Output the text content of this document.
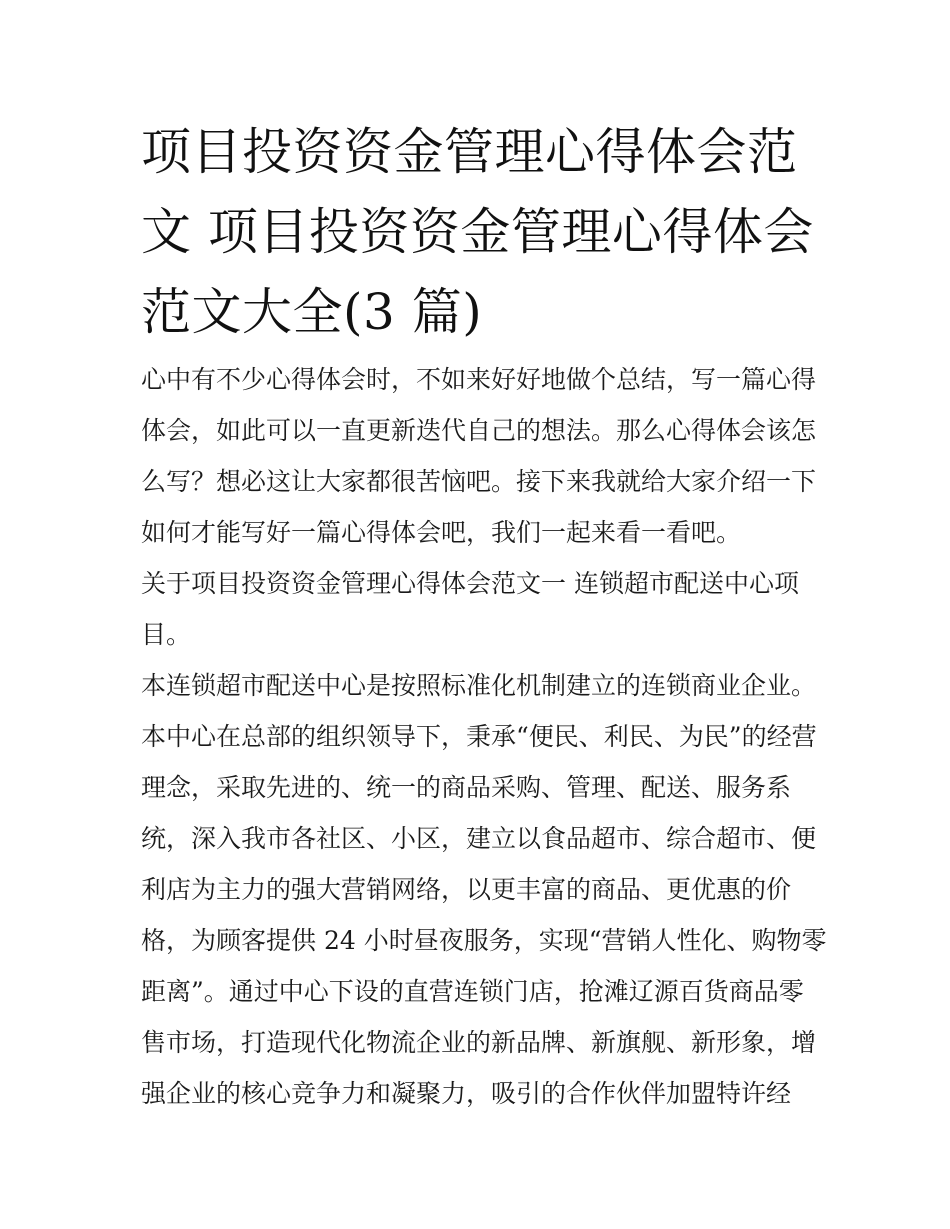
项目投资资金管理心得体会范
文 项目投资资金管理心得体会
范文大全(3 篇)
心中有不少心得体会时，不如来好好地做个总结，写一篇心得
体会，如此可以一直更新迭代自己的想法。那么心得体会该怎
么写？想必这让大家都很苦恼吧。接下来我就给大家介绍一下
如何才能写好一篇心得体会吧，我们一起来看一看吧。
关于项目投资资金管理心得体会范文一 连锁超市配送中心项
目。
本连锁超市配送中心是按照标准化机制建立的连锁商业企业。
本中心在总部的组织领导下，秉承“便民、利民、为民”的经营
理念，采取先进的、统一的商品采购、管理、配送、服务系
统，深入我市各社区、小区，建立以食品超市、综合超市、便
利店为主力的强大营销网络，以更丰富的商品、更优惠的价
格，为顾客提供 24 小时昼夜服务，实现“营销人性化、购物零
距离”。通过中心下设的直营连锁门店，抢滩辽源百货商品零
售市场，打造现代化物流企业的新品牌、新旗舰、新形象，增
强企业的核心竞争力和凝聚力，吸引的合作伙伴加盟特许经
